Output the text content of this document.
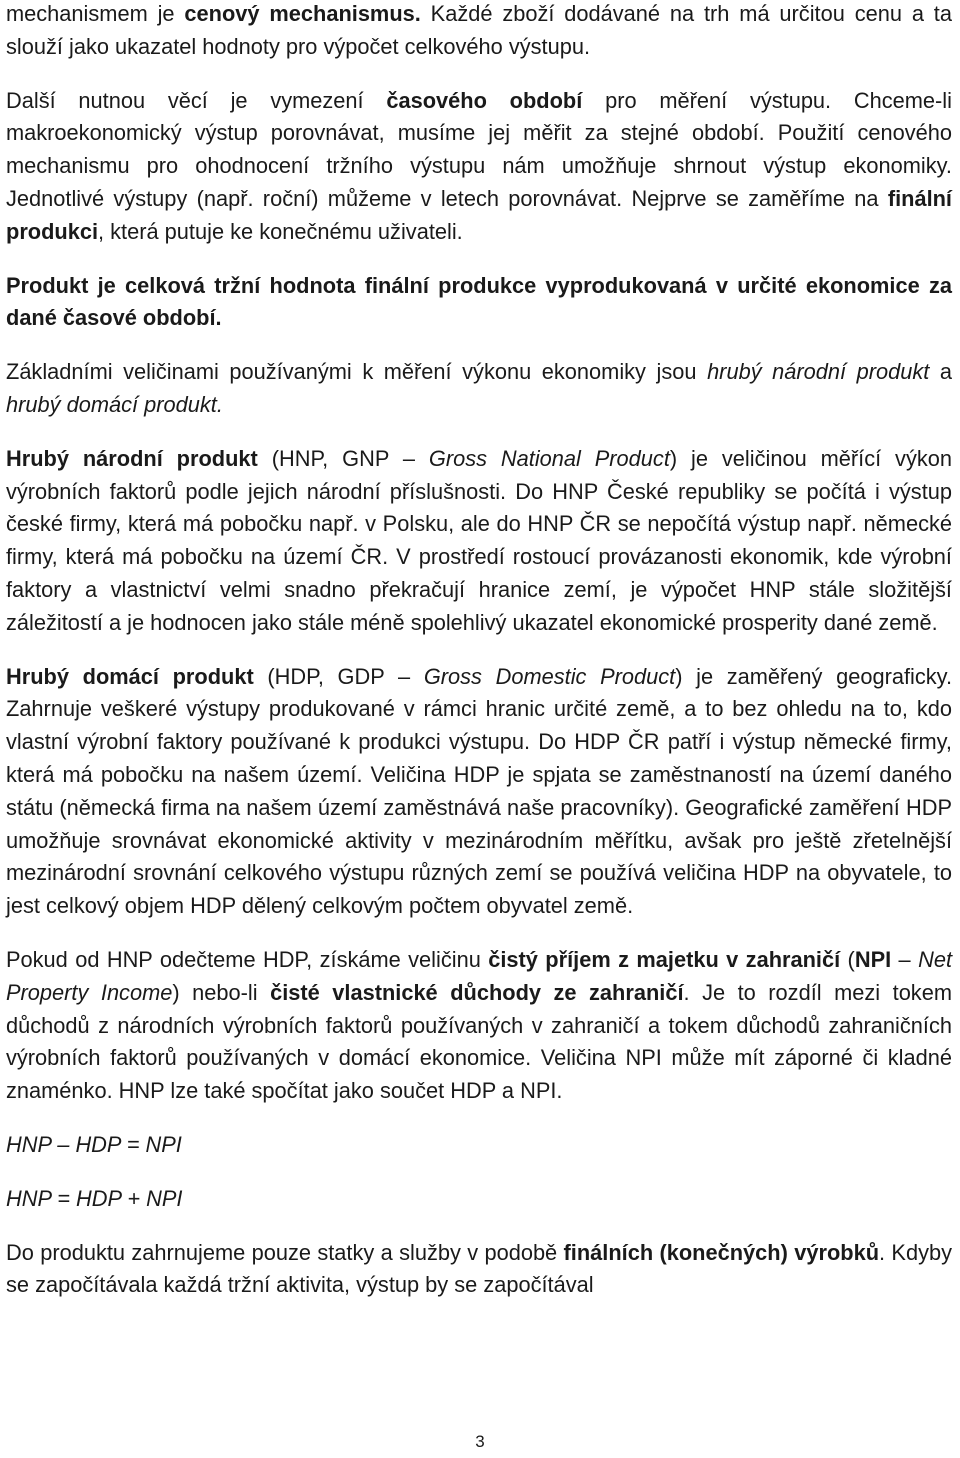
mechanismem je cenový mechanismus. Každé zboží dodávané na trh má určitou cenu a ta slouží jako ukazatel hodnoty pro výpočet celkového výstupu.

Další nutnou věcí je vymezení časového období pro měření výstupu. Chceme-li makroekonomický výstup porovnávat, musíme jej měřit za stejné období. Použití cenového mechanismu pro ohodnocení tržního výstupu nám umožňuje shrnout výstup ekonomiky. Jednotlivé výstupy (např. roční) můžeme v letech porovnávat. Nejprve se zaměříme na finální produkci, která putuje ke konečnému uživateli.

Produkt je celková tržní hodnota finální produkce vyprodukovaná v určité ekonomice za dané časové období.

Základními veličinami používanými k měření výkonu ekonomiky jsou hrubý národní produkt a hrubý domácí produkt.

Hrubý národní produkt (HNP, GNP – Gross National Product) je veličinou měřící výkon výrobních faktorů podle jejich národní příslušnosti. Do HNP České republiky se počítá i výstup české firmy, která má pobočku např. v Polsku, ale do HNP ČR se nepočítá výstup např. německé firmy, která má pobočku na území ČR. V prostředí rostoucí provázanosti ekonomik, kde výrobní faktory a vlastnictví velmi snadno překračují hranice zemí, je výpočet HNP stále složitější záležitostí a je hodnocen jako stále méně spolehlivý ukazatel ekonomické prosperity dané země.

Hrubý domácí produkt (HDP, GDP – Gross Domestic Product) je zaměřený geograficky. Zahrnuje veškeré výstupy produkované v rámci hranic určité země, a to bez ohledu na to, kdo vlastní výrobní faktory používané k produkci výstupu. Do HDP ČR patří i výstup německé firmy, která má pobočku na našem území. Veličina HDP je spjata se zaměstnaností na území daného státu (německá firma na našem území zaměstnává naše pracovníky). Geografické zaměření HDP umožňuje srovnávat ekonomické aktivity v mezinárodním měřítku, avšak pro ještě zřetelnější mezinárodní srovnání celkového výstupu různých zemí se používá veličina HDP na obyvatele, to jest celkový objem HDP dělený celkovým počtem obyvatel země.

Pokud od HNP odečteme HDP, získáme veličinu čistý příjem z majetku v zahraničí (NPI – Net Property Income) nebo-li čisté vlastnické důchody ze zahraničí. Je to rozdíl mezi tokem důchodů z národních výrobních faktorů používaných v zahraničí a tokem důchodů zahraničních výrobních faktorů používaných v domácí ekonomice. Veličina NPI může mít záporné či kladné znaménko. HNP lze také spočítat jako součet HDP a NPI.

HNP – HDP = NPI

HNP = HDP + NPI

Do produktu zahrnujeme pouze statky a služby v podobě finálních (konečných) výrobků. Kdyby se započítávala každá tržní aktivita, výstup by se započítával

3
